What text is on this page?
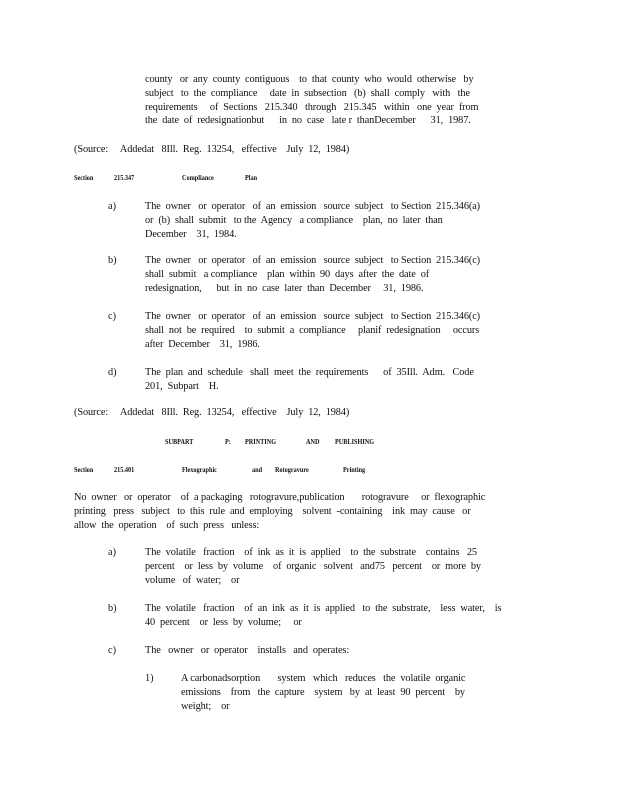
county   or  any  county  contiguous    to  that  county  who  would  otherwise   by
subject   to  the  compliance     date  in  subsection   (b)  shall  comply   with   the
requirements     of  Sections   215.340   through   215.345   within   one  year  from
the  date  of  redesignationbut      in  no  case   late r  thanDecember      31,  1987.
(Source:     Addedat   8Ill.  Reg.  13254,   effective    July  12,  1984)
Section	215.347	Compliance	Plan
a)	The  owner   or  operator   of  an  emission   source  subject   to Section  215.346(a)
or  (b)  shall  submit   to the  Agency   a compliance    plan,  no  later  than
December    31,  1984.
b)	The  owner   or  operator   of  an  emission   source  subject   to Section  215.346(c)
shall  submit   a compliance    plan  within  90  days  after  the  date  of
redesignation,      but  in  no  case  later  than  December     31,  1986.
c)	The  owner   or  operator   of  an  emission   source  subject   to Section  215.346(c)
shall  not  be  required    to  submit  a  compliance     planif  redesignation     occurs
after  December    31,  1986.
d)	The  plan  and  schedule   shall  meet  the  requirements      of  35Ill.  Adm.   Code
201,  Subpart    H.
(Source:     Addedat   8Ill.  Reg.  13254,   effective    July  12,  1984)
SUBPART	P: PRINTING	AND PUBLISHING
Section	215.401	Flexographic	and Rotogravure	Printing
No  owner   or  operator    of  a packaging   rotogravure,publication       rotogravure     or  flexographic
printing   press   subject   to  this  rule  and  employing    solvent  -containing    ink  may  cause   or
allow  the  operation    of  such  press   unless:
a)	The  volatile   fraction    of  ink  as  it  is  applied    to  the  substrate    contains   25
percent    or  less  by  volume    of  organic   solvent   and75   percent    or  more  by
volume   of  water;    or
b)	The  volatile   fraction    of  an  ink  as  it  is  applied   to  the  substrate,    less  water,    is
40  percent    or  less  by  volume;     or
c)	The   owner   or  operator    installs   and  operates:
1)	A carbonadsorption       system   which   reduces   the  volatile  organic
emissions    from   the  capture    system   by  at  least  90  percent    by
weight;    or
